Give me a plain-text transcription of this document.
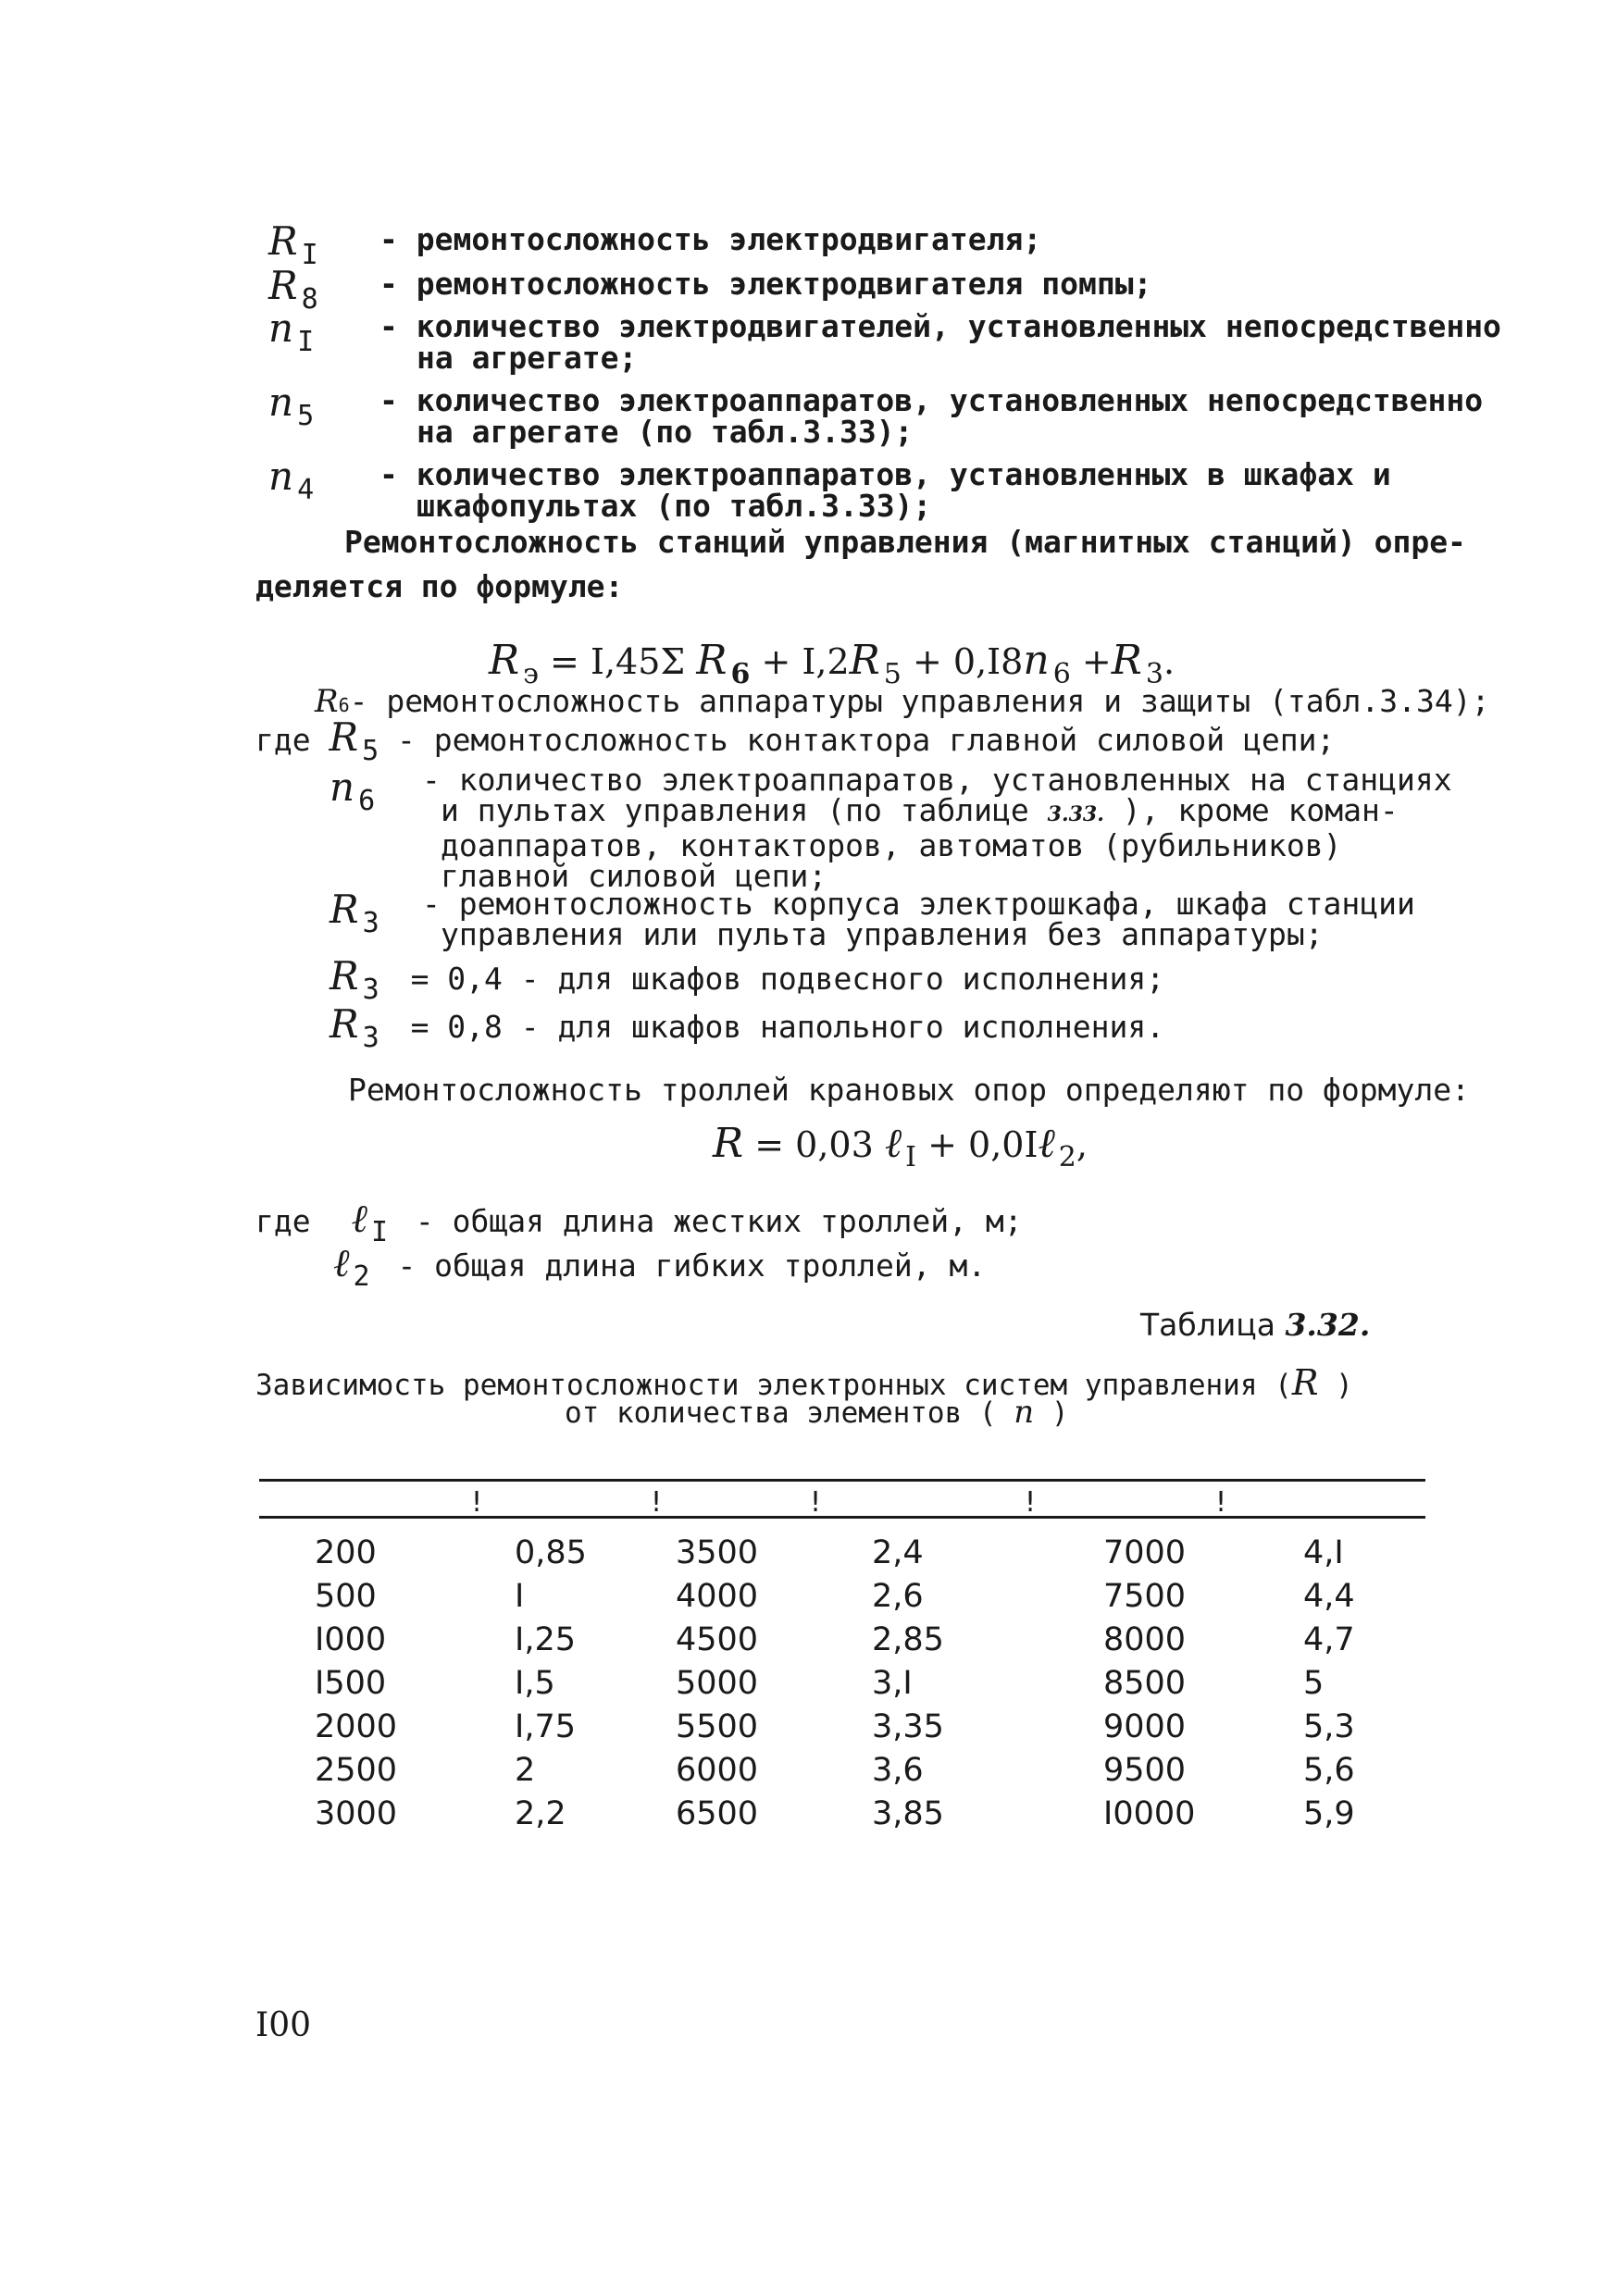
R I - ремонтосложность электродвигателя;
R 8 - ремонтосложность электродвигателя помпы;
n I - количество электродвигателей, установленных непосредственно
на агрегате;
n 5 - количество электроаппаратов, установленных непосредственно
на агрегате (по табл.3.33);
n 4 - количество электроаппаратов, установленных в шкафах и
шкафопультах (по табл.3.33);
Ремонтосложность станций управления (магнитных станций) опре-
деляется по формуле:
R $_э$ = I,45Σ R $_6$ + I,2R $_5$ + 0,I8n $_6$ +R $_3$.
R6- ремонтосложность аппаратуры управления и защиты (табл.3.34);
где R 5 - ремонтосложность контактора главной силовой цепи;
n 6
- количество электроаппаратов, установленных на станциях
и пультах управления (по таблице 3.33. ), кроме коман-
доаппаратов, контакторов, автоматов (рубильников)
главной силовой цепи;
R 3
- ремонтосложность корпуса электрошкафа, шкафа станции
управления или пульта управления без аппаратуры;
R 3 = 0,4 - для шкафов подвесного исполнения;
R 3 = 0,8 - для шкафов напольного исполнения.
Ремонтосложность троллей крановых опор определяют по формуле:
R = 0,03 ℓ $_I$ + 0,0Iℓ $_2$,
где ℓ I - общая длина жестких троллей, м;
ℓ 2 - общая длина гибких троллей, м.
Таблица 3.32.
Зависимость ремонтосложности электронных систем управления (R )
от количества элементов ( n )
!	!	!	!	!
200	0,85	3500	2,4	7000	4,I
500	I	4000	2,6	7500	4,4
I000	I,25	4500	2,85	8000	4,7
I500	I,5	5000	3,I	8500	5
2000	I,75	5500	3,35	9000	5,3
2500	2	6000	3,6	9500	5,6
3000	2,2	6500	3,85	I0000	5,9
I00
